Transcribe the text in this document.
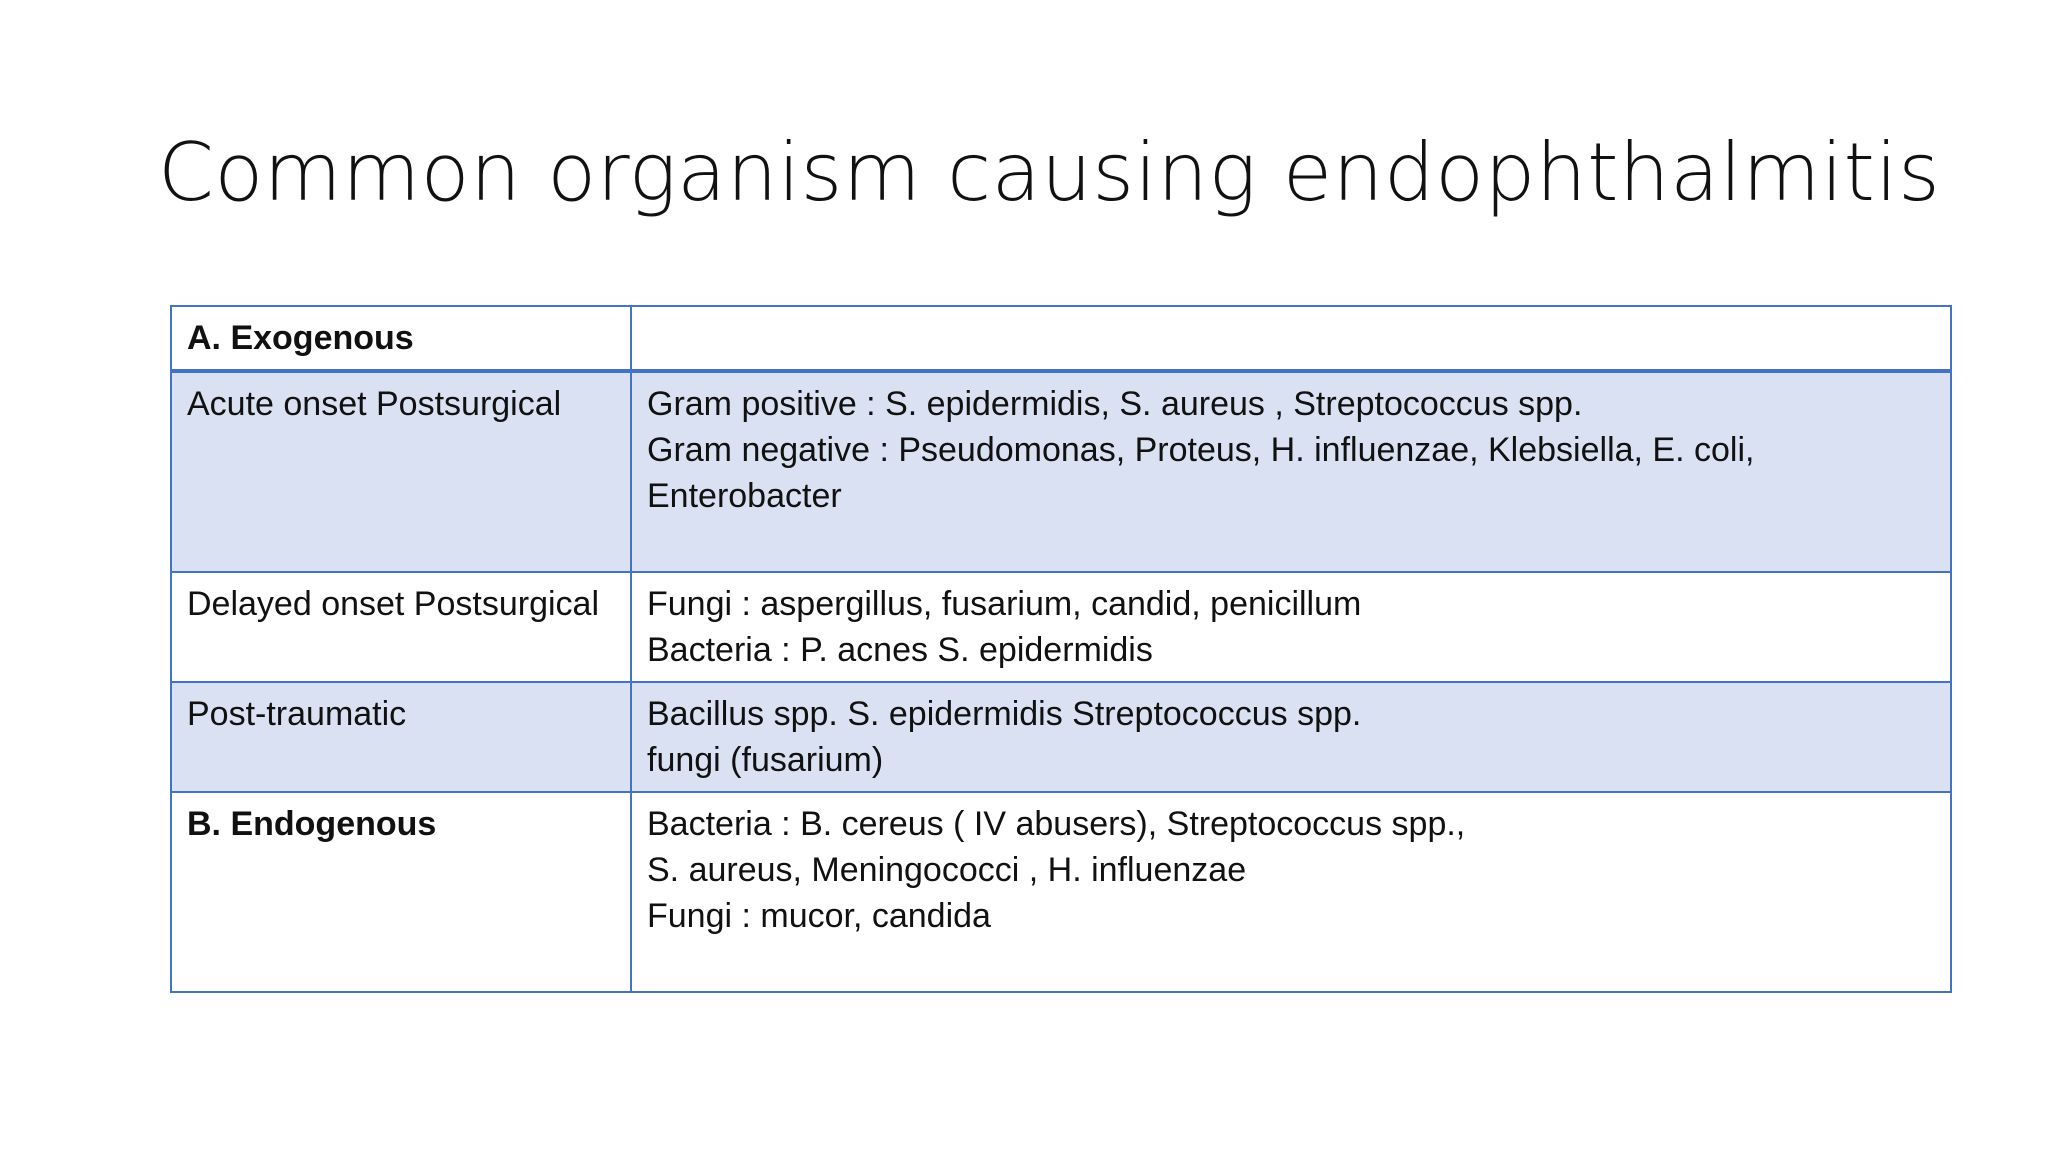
Common organism causing endophthalmitis
A. Exogenous	
Acute onset Postsurgical	Gram positive : S. epidermidis, S. aureus , Streptococcus spp.
Gram negative : Pseudomonas, Proteus, H. influenzae, Klebsiella, E. coli,
Enterobacter

Delayed onset Postsurgical	Fungi : aspergillus, fusarium, candid, penicillum
Bacteria : P. acnes S. epidermidis

Post-traumatic	Bacillus spp. S. epidermidis Streptococcus spp.
fungi (fusarium)

B. Endogenous	Bacteria : B. cereus ( IV abusers), Streptococcus spp.,
S. aureus, Meningococci , H. influenzae
Fungi : mucor, candida
